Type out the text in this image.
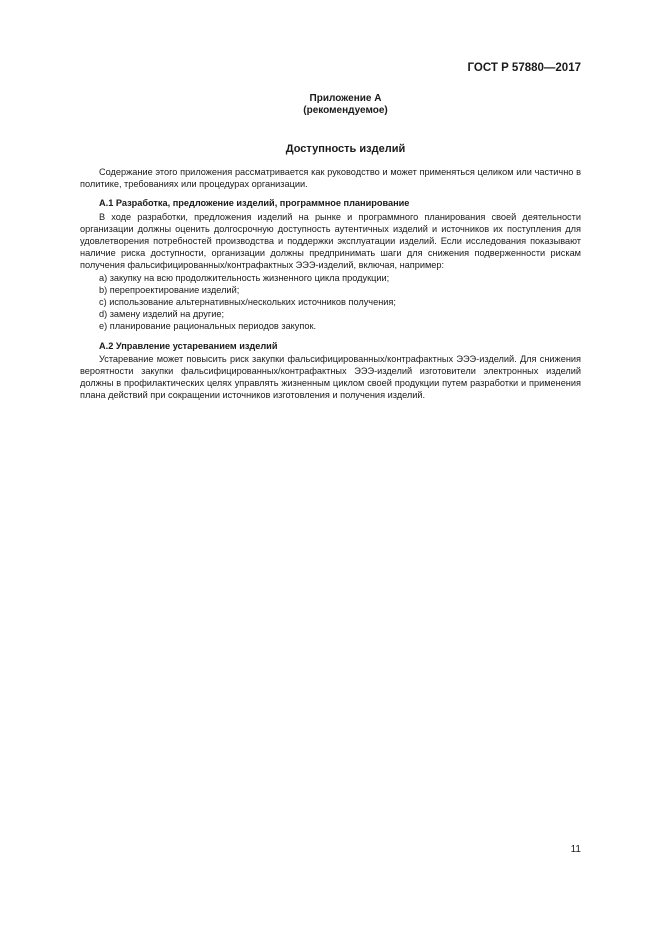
ГОСТ Р 57880—2017
Приложение А
(рекомендуемое)
Доступность изделий

Содержание этого приложения рассматривается как руководство и может применяться целиком или частично в политике, требованиях или процедурах организации.

А.1 Разработка, предложение изделий, программное планирование

В ходе разработки, предложения изделий на рынке и программного планирования своей деятельности организации должны оценить долгосрочную доступность аутентичных изделий и источников их поступления для удовлетворения потребностей производства и поддержки эксплуатации изделий. Если исследования показывают наличие риска доступности, организации должны предпринимать шаги для снижения подверженности рискам получения фальсифицированных/контрафактных ЭЭЭ-изделий, включая, например:

a) закупку на всю продолжительность жизненного цикла продукции;

b) перепроектирование изделий;

c) использование альтернативных/нескольких источников получения;

d) замену изделий на другие;

e) планирование рациональных периодов закупок.

А.2 Управление устареванием изделий

Устаревание может повысить риск закупки фальсифицированных/контрафактных ЭЭЭ-изделий. Для снижения вероятности закупки фальсифицированных/контрафактных ЭЭЭ-изделий изготовители электронных изделий должны в профилактических целях управлять жизненным циклом своей продукции путем разработки и применения плана действий при сокращении источников изготовления и получения изделий.

11
